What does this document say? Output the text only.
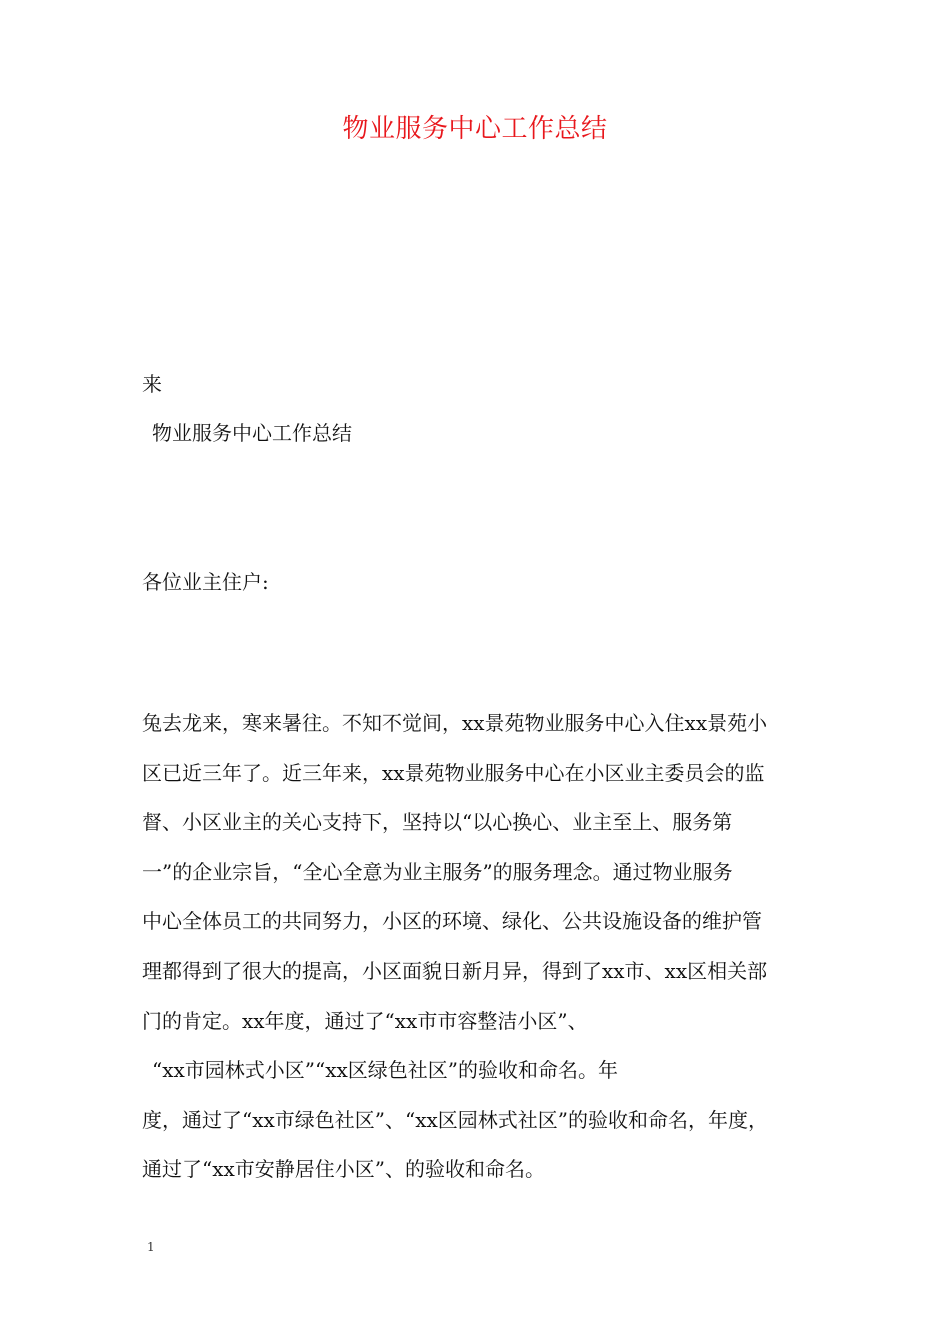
物业服务中心工作总结
来
物业服务中心工作总结
各位业主住户:
兔去龙来，寒来暑往。不知不觉间，xx景苑物业服务中心入住xx景苑小
区已近三年了。近三年来，xx景苑物业服务中心在小区业主委员会的监
督、小区业主的关心支持下，坚持以“以心换心、业主至上、服务第
一”的企业宗旨，“全心全意为业主服务”的服务理念。通过物业服务
中心全体员工的共同努力，小区的环境、绿化、公共设施设备的维护管
理都得到了很大的提高，小区面貌日新月异，得到了xx市、xx区相关部
门的肯定。xx年度，通过了“xx市市容整洁小区”、
“xx市园林式小区”“xx区绿色社区”的验收和命名。年
度，通过了“xx市绿色社区”、“xx区园林式社区”的验收和命名，年度，
通过了“xx市安静居住小区”、的验收和命名。
1
